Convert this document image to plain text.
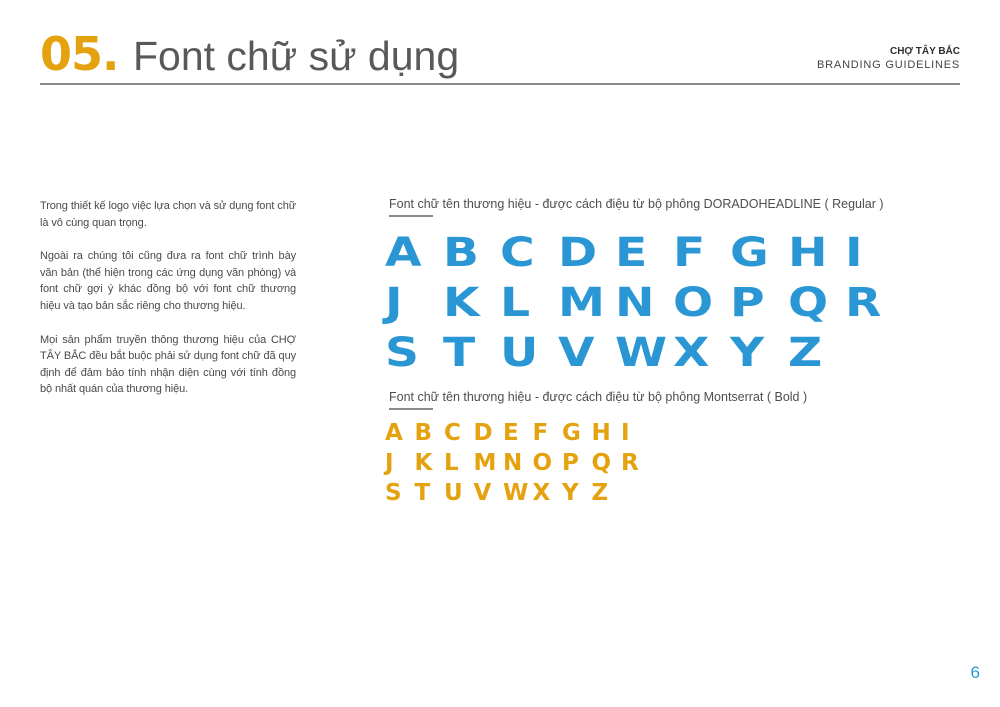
05. Font chữ sử dụng	CHỢ TÂY BẮC
BRANDING GUIDELINES

Trong thiết kế logo việc lựa chọn và sử dụng font chữ là vô cùng quan trọng.

Ngoài ra chúng tôi cũng đưa ra font chữ trình bày văn bản (thể hiện trong các ứng dụng văn phòng) và font chữ gợi ý khác đồng bộ với font chữ thương hiệu và tạo bản sắc riêng cho thương hiệu.

Mọi sản phẩm truyền thông thương hiệu của CHỢ TÂY BẮC đều bắt buộc phải sử dụng font chữ đã quy định để đảm bảo tính nhận diện cùng với tính đồng bộ nhất quán của thương hiệu.

Font chữ tên thương hiệu - được cách điệu từ bộ phông DORADOHEADLINE ( Regular )
A B C D E F G H I
J K L M N O P Q R
S T U V W X Y Z
Font chữ tên thương hiệu - được cách điệu từ bộ phông Montserrat ( Bold )
A B C D E F G H I
J K L M N O P Q R
S T U V W X Y Z
6
